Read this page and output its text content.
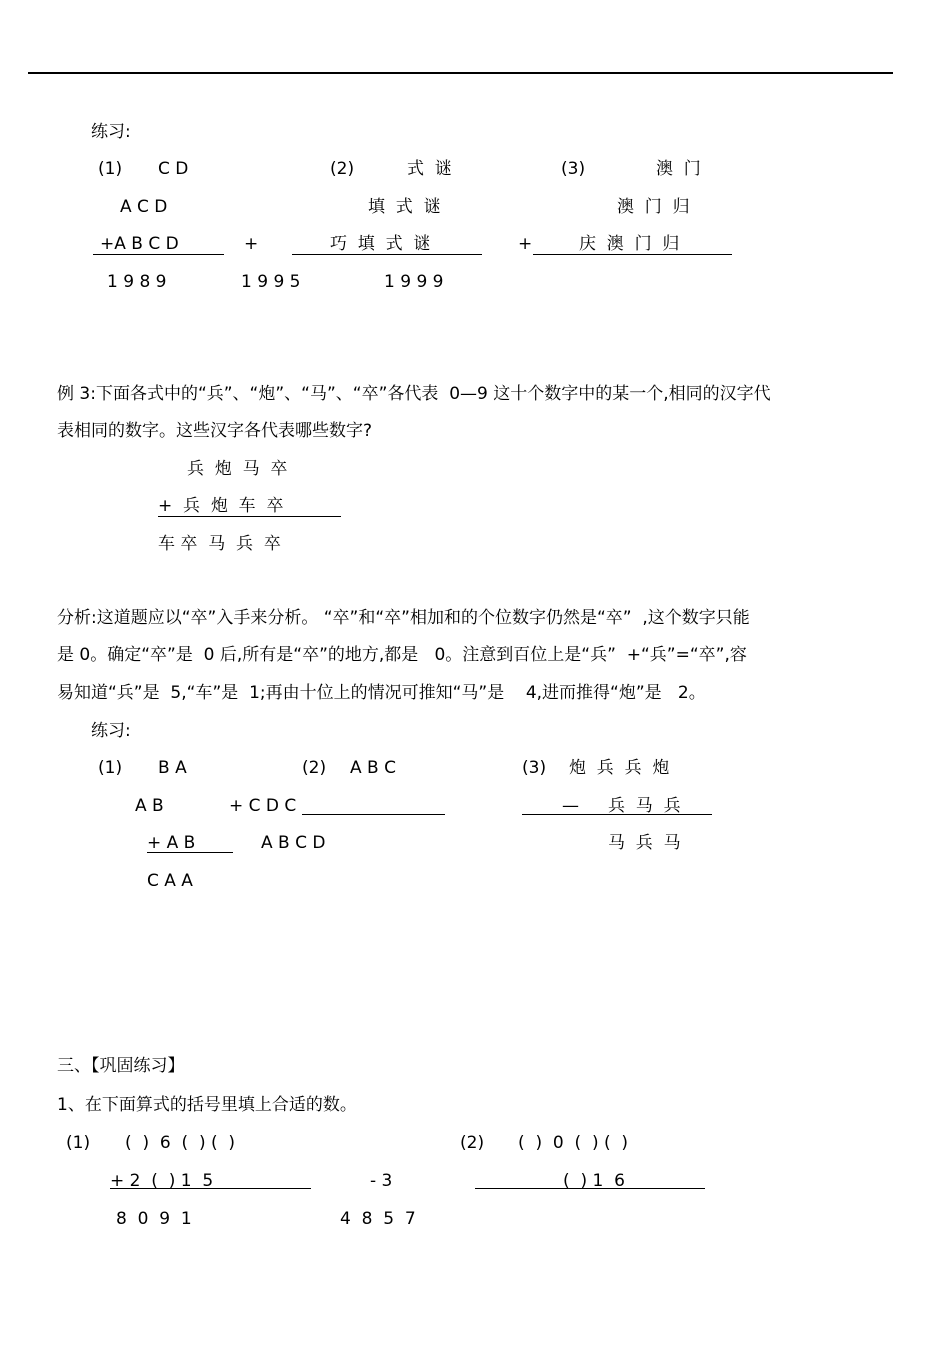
练习:
(1) C D
A C D
+A B C D
1 9 8 9
(2)	式  谜
填  式  谜
+	巧  填  式  谜
1 9 9 5
(3)	澳  门
澳  门  归
+	庆  澳  门  归
1 9 9 9
例 3:下面各式中的“兵”、“炮”、“马”、“卒”各代表  0—9 这十个数字中的某一个,相同的汉字代
表相同的数字。这些汉字各代表哪些数字?
兵  炮  马  卒
+  兵  炮  车  卒
车 卒  马  兵  卒
分析:这道题应以“卒”入手来分析。 “卒”和“卒”相加和的个位数字仍然是“卒”  ,这个数字只能
是 0。确定“卒”是  0 后,所有是“卒”的地方,都是   0。注意到百位上是“兵”  +“兵”=“卒”,容
易知道“兵”是  5,“车”是  1;再由十位上的情况可推知“马”是    4,进而推得“炮”是   2。
练习:
(1) B A
A B
+ A B
C A A
(2) A B C
+ C D C
A B C D
(3) 炮  兵  兵  炮
— 兵  马  兵
马  兵  马
三、【巩固练习】
1、在下面算式的括号里填上合适的数。
(1) (  )  6  (  ) (  )
+ 2  (  ) 1  5
8  0  9  1
(2) (  )  0  (  ) (  )
- 3	(  ) 1  6
4  8  5  7
